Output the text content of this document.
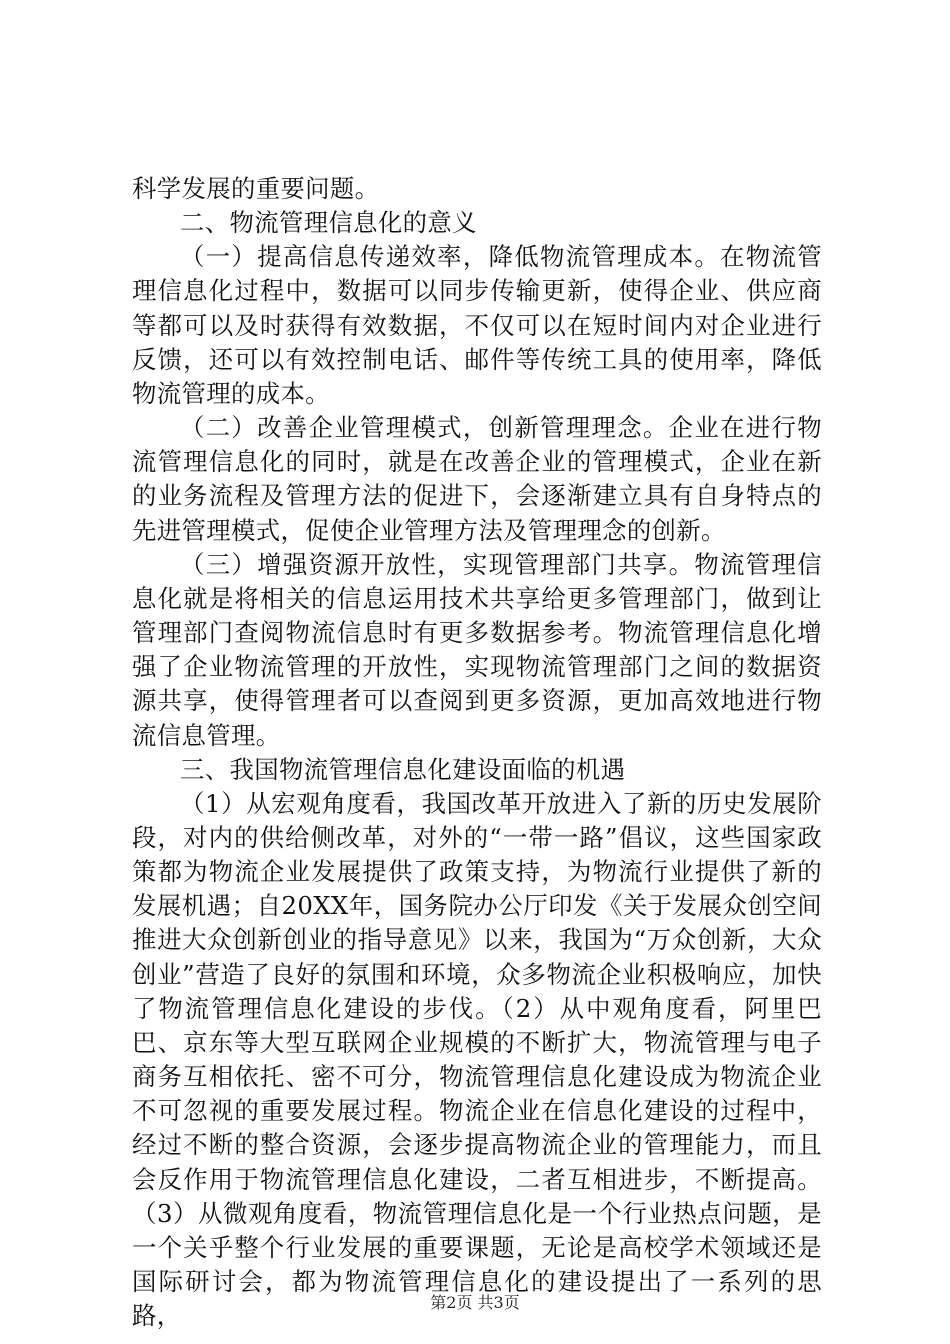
科学发展的重要问题。

二、物流管理信息化的意义

（一）提高信息传递效率，降低物流管理成本。在物流管理信息化过程中，数据可以同步传输更新，使得企业、供应商等都可以及时获得有效数据，不仅可以在短时间内对企业进行反馈，还可以有效控制电话、邮件等传统工具的使用率，降低物流管理的成本。

（二）改善企业管理模式，创新管理理念。企业在进行物流管理信息化的同时，就是在改善企业的管理模式，企业在新的业务流程及管理方法的促进下，会逐渐建立具有自身特点的先进管理模式，促使企业管理方法及管理理念的创新。

（三）增强资源开放性，实现管理部门共享。物流管理信息化就是将相关的信息运用技术共享给更多管理部门，做到让管理部门查阅物流信息时有更多数据参考。物流管理信息化增强了企业物流管理的开放性，实现物流管理部门之间的数据资源共享，使得管理者可以查阅到更多资源，更加高效地进行物流信息管理。

三、我国物流管理信息化建设面临的机遇

（1）从宏观角度看，我国改革开放进入了新的历史发展阶段，对内的供给侧改革，对外的“一带一路”倡议，这些国家政策都为物流企业发展提供了政策支持，为物流行业提供了新的发展机遇；自20XX年，国务院办公厅印发《关于发展众创空间推进大众创新创业的指导意见》以来，我国为“万众创新，大众创业”营造了良好的氛围和环境，众多物流企业积极响应，加快了物流管理信息化建设的步伐。（2）从中观角度看，阿里巴巴、京东等大型互联网企业规模的不断扩大，物流管理与电子商务互相依托、密不可分，物流管理信息化建设成为物流企业不可忽视的重要发展过程。物流企业在信息化建设的过程中，经过不断的整合资源，会逐步提高物流企业的管理能力，而且会反作用于物流管理信息化建设，二者互相进步，不断提高。（3）从微观角度看，物流管理信息化是一个行业热点问题，是一个关乎整个行业发展的重要课题，无论是高校学术领域还是国际研讨会，都为物流管理信息化的建设提出了一系列的思路，	第2页 共3页
